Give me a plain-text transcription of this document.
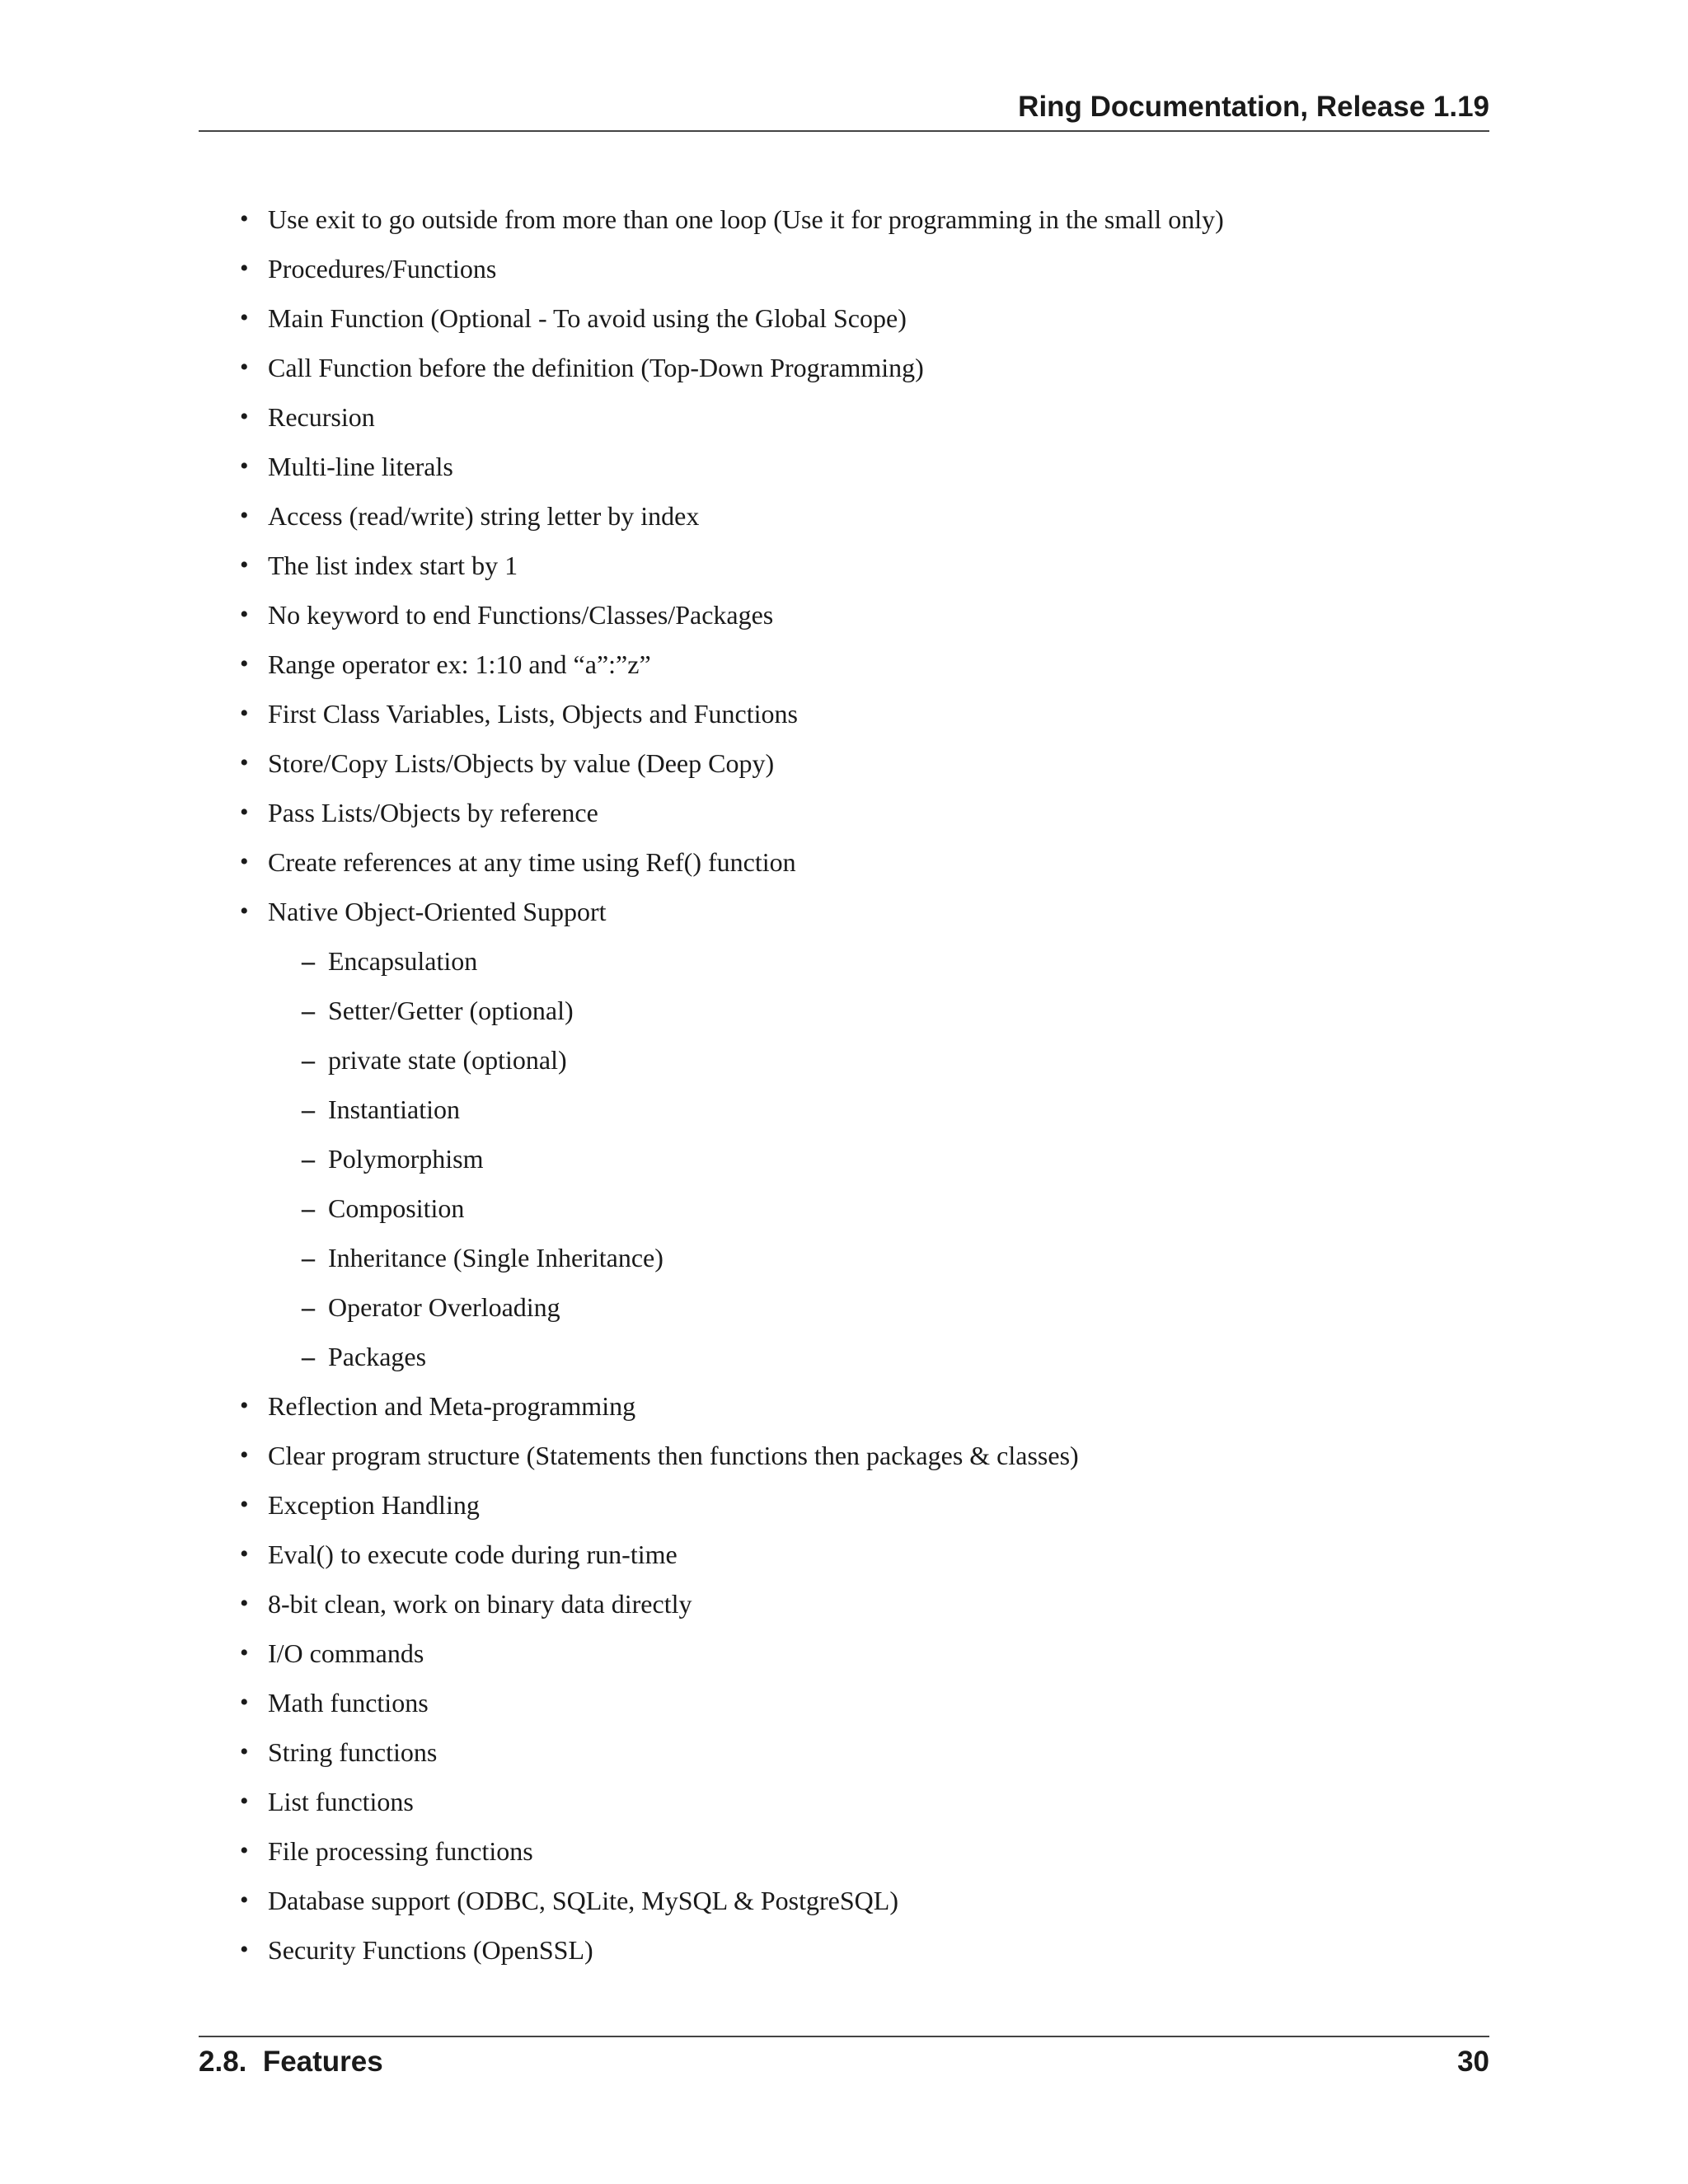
Ring Documentation, Release 1.19
• Use exit to go outside from more than one loop (Use it for programming in the small only)
• Procedures/Functions
• Main Function (Optional - To avoid using the Global Scope)
• Call Function before the definition (Top-Down Programming)
• Recursion
• Multi-line literals
• Access (read/write) string letter by index
• The list index start by 1
• No keyword to end Functions/Classes/Packages
• Range operator ex: 1:10 and “a”:”z”
• First Class Variables, Lists, Objects and Functions
• Store/Copy Lists/Objects by value (Deep Copy)
• Pass Lists/Objects by reference
• Create references at any time using Ref() function
• Native Object-Oriented Support
– Encapsulation
– Setter/Getter (optional)
– private state (optional)
– Instantiation
– Polymorphism
– Composition
– Inheritance (Single Inheritance)
– Operator Overloading
– Packages
• Reflection and Meta-programming
• Clear program structure (Statements then functions then packages & classes)
• Exception Handling
• Eval() to execute code during run-time
• 8-bit clean, work on binary data directly
• I/O commands
• Math functions
• String functions
• List functions
• File processing functions
• Database support (ODBC, SQLite, MySQL & PostgreSQL)
• Security Functions (OpenSSL)
2.8.  Features	30
